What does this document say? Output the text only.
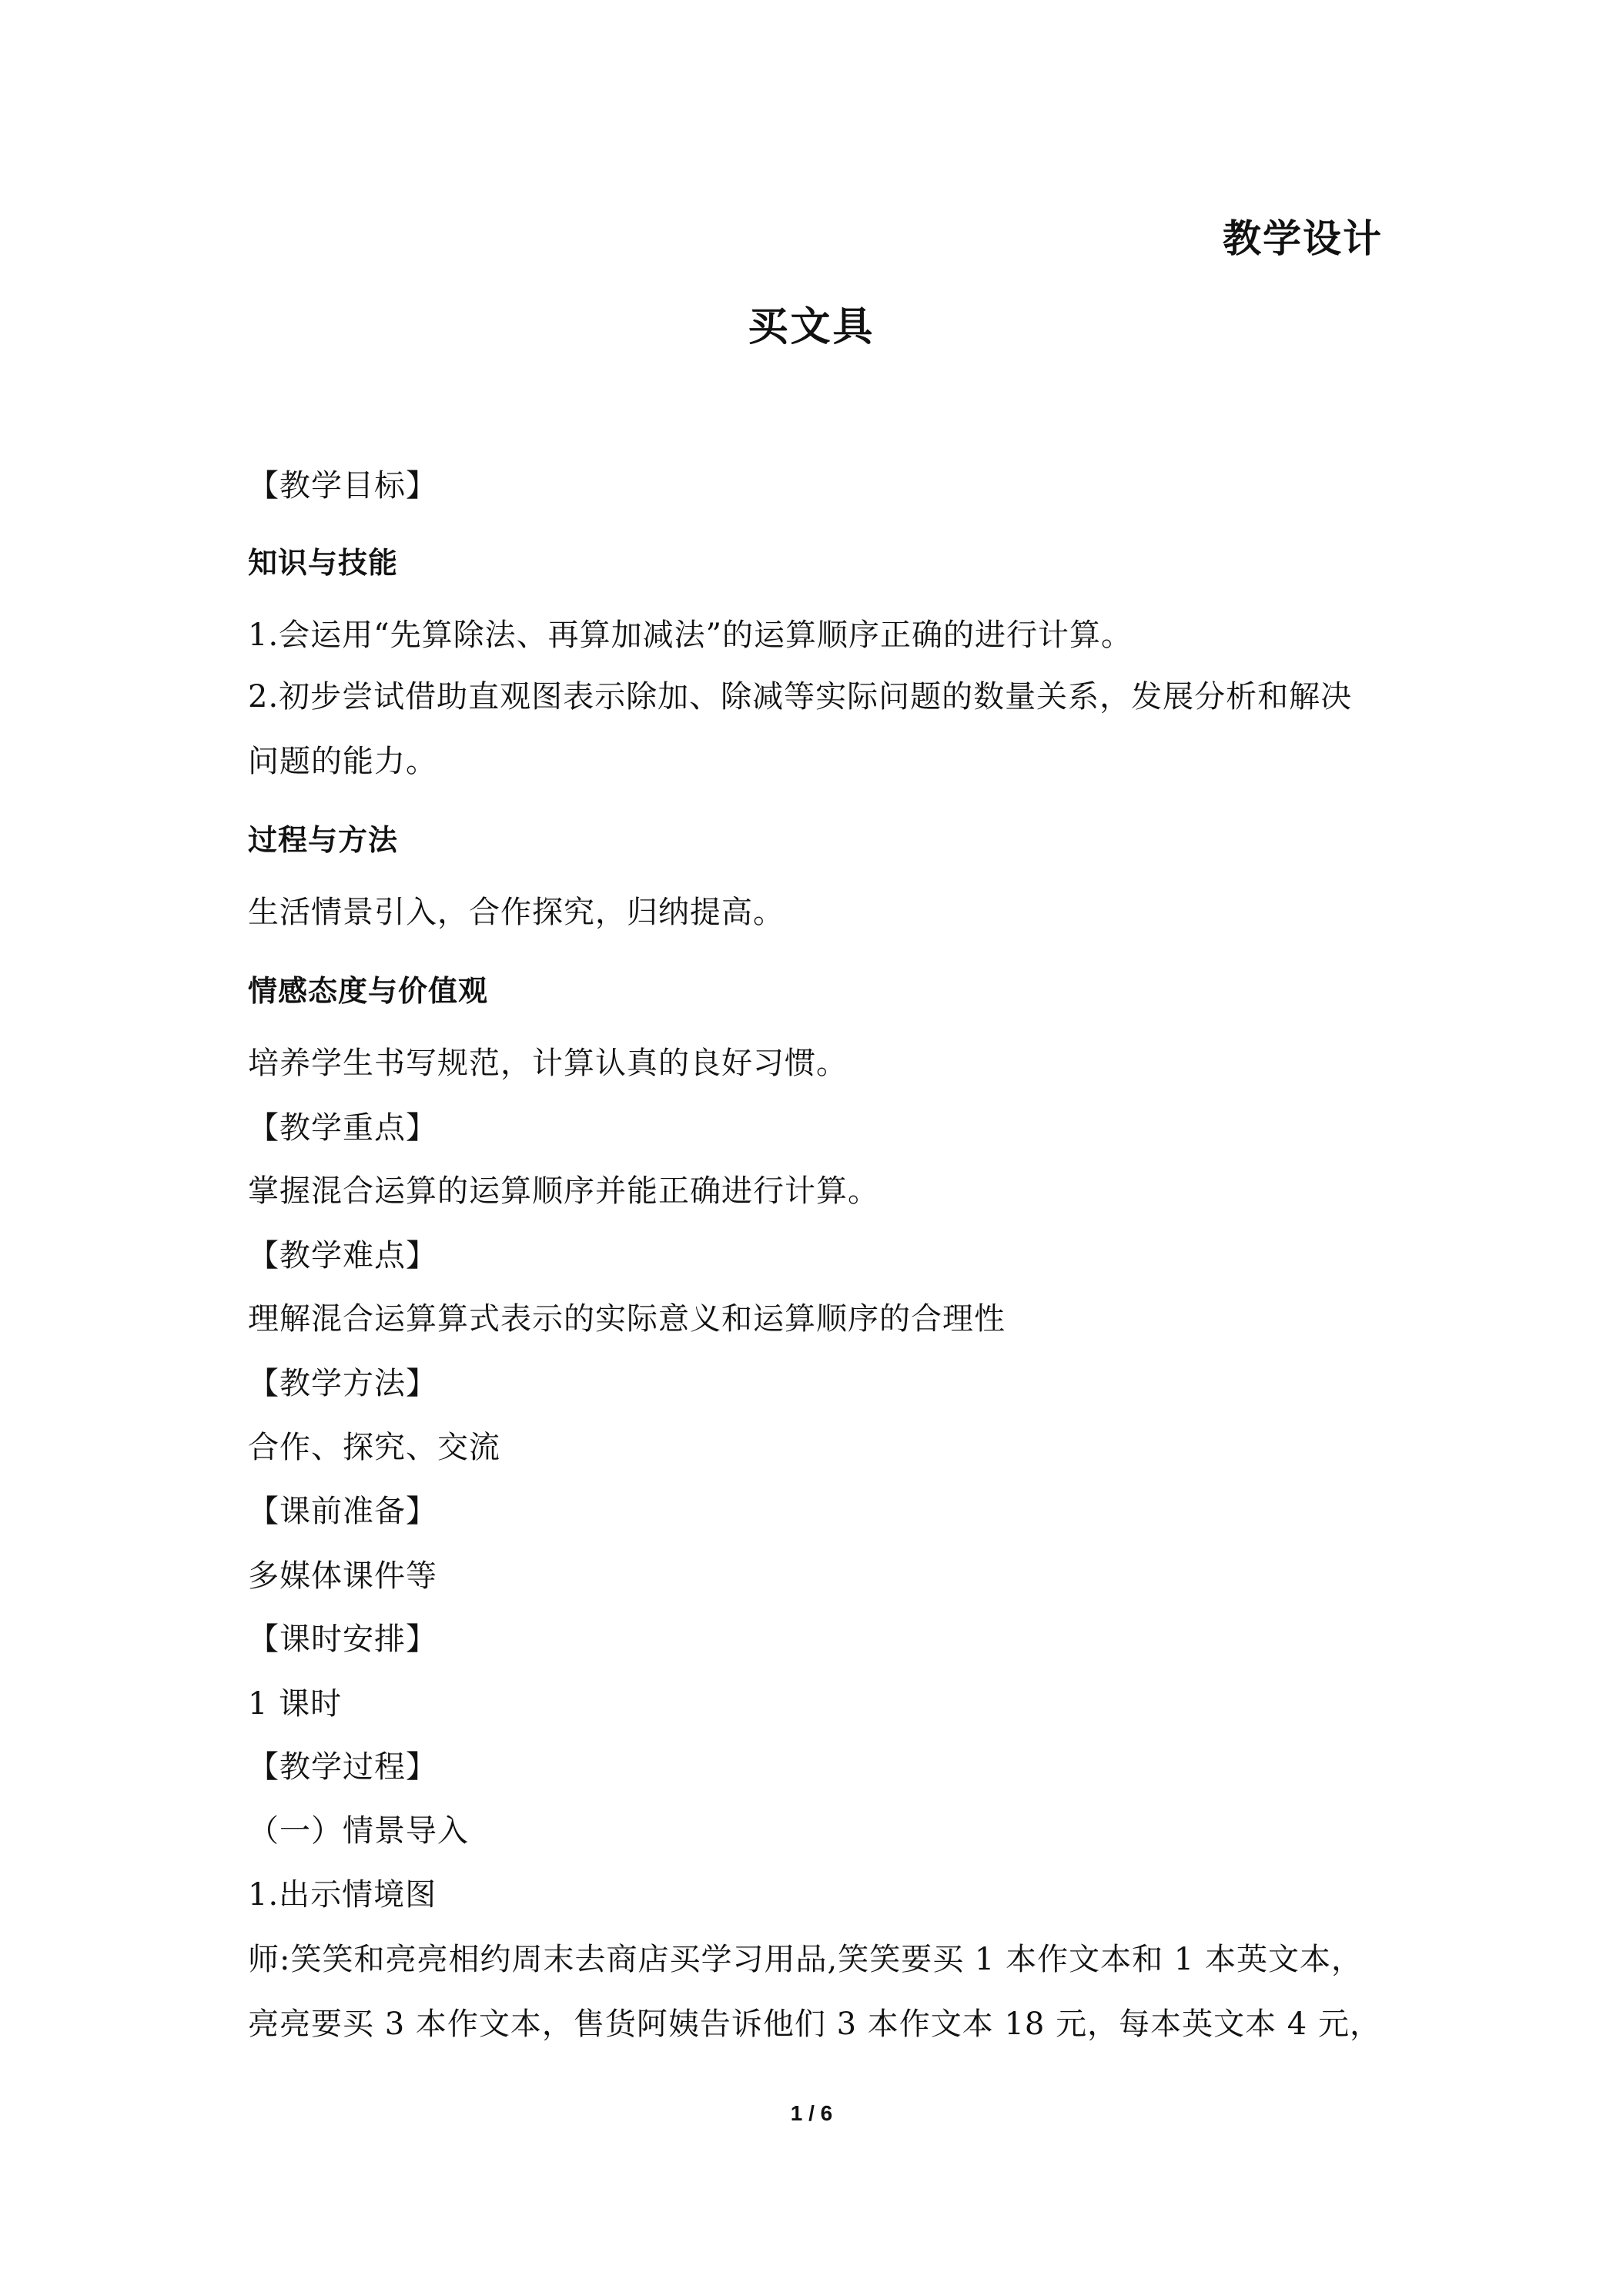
教学设计
买文具
【教学目标】
知识与技能
1.会运用“先算除法、再算加减法”的运算顺序正确的进行计算。
2.初步尝试借助直观图表示除加、除减等实际问题的数量关系，发展分析和解决
问题的能力。
过程与方法
生活情景引入，合作探究，归纳提高。
情感态度与价值观
培养学生书写规范，计算认真的良好习惯。
【教学重点】
掌握混合运算的运算顺序并能正确进行计算。
【教学难点】
理解混合运算算式表示的实际意义和运算顺序的合理性
【教学方法】
合作、探究、交流
【课前准备】
多媒体课件等
【课时安排】
1 课时
【教学过程】
（一）情景导入
1.出示情境图
师:笑笑和亮亮相约周末去商店买学习用品,笑笑要买 1 本作文本和 1 本英文本，
亮亮要买 3 本作文本，售货阿姨告诉他们 3 本作文本 18 元，每本英文本 4 元，
1 / 6
